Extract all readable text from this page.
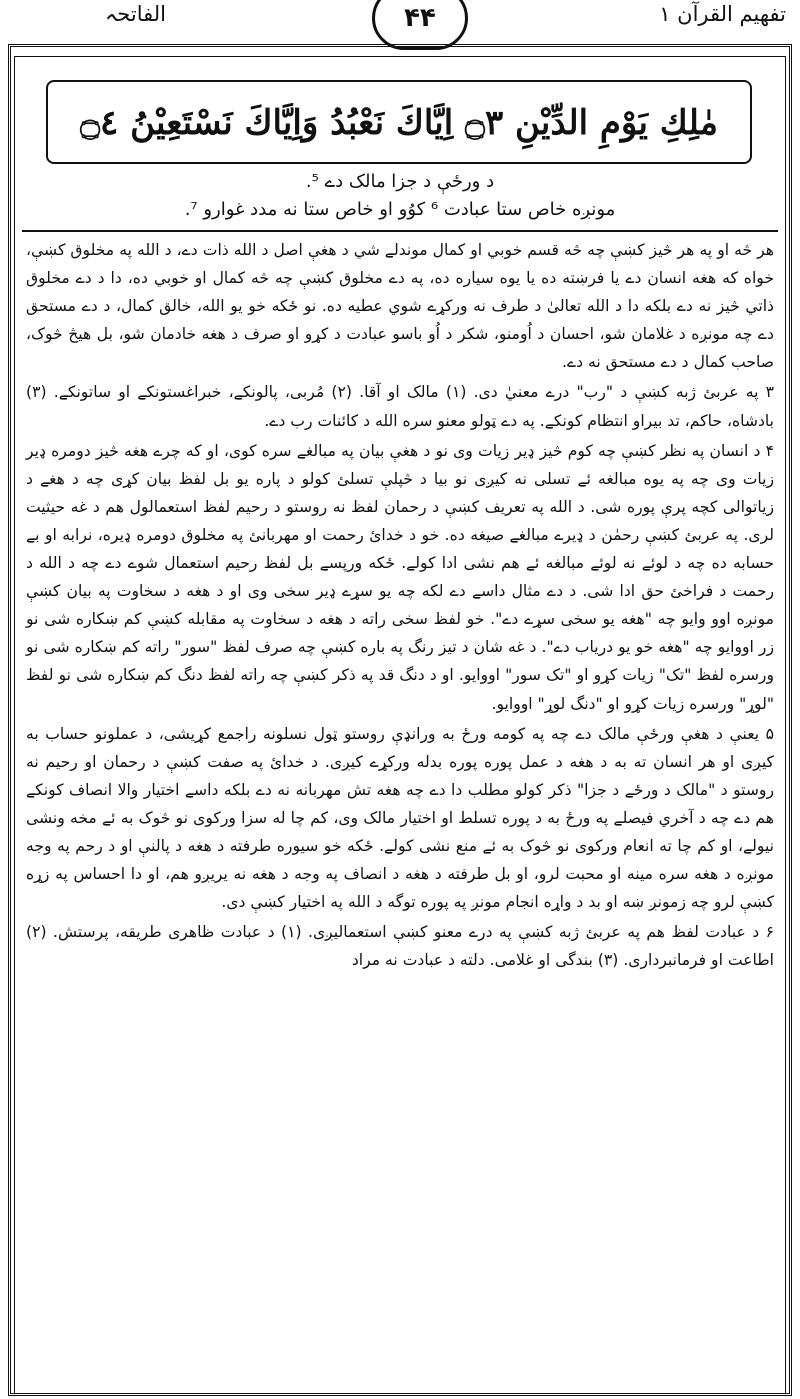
تفهیم القرآن ۱
۴۴
الفاتحہ
مٰلِكِ يَوْمِ الدِّيْنِ ۝٣ اِيَّاكَ نَعْبُدُ وَاِيَّاكَ نَسْتَعِيْنُ ۝٤
د ورځې د جزا مالک دے ⁵.
مونږه خاص ستا عبادت ⁶ کوُو او خاص ستا نه مدد غوارو ⁷.

هر څه او په هر څیز کښې چه څه قسم خوبي او کمال موندلے شي د هغې اصل د الله ذات دے، د الله په مخلوق کښې، خواه که هغه انسان دے یا فرښته ده یا یوه سیاره ده، په دے مخلوق کښې چه څه کمال او خوبي ده، دا د دے مخلوق ذاتي څیز نه دے بلکه دا د الله تعالیٰ د طرف نه ورکړے شوي عطیه ده. نو ځکه خو یو الله، خالق کمال، د دے مستحق دے چه مونږه د غلامان شو، احسان د اُومنو، شکر د اُو باسو عبادت د کړو او صرف د هغه خادمان شو، بل هیڅ څوک، صاحب کمال د دے مستحق نه دے.

۳ په عربئ ژبه کښې د "رب" درے معنيٰ دی. (۱) مالک او آقا. (۲) مُربی، پالونکے، خبراغستونکے او ساتونکے. (۳) بادشاه، حاکم، تد بیراو انتظام کونکے. په دے ټولو معنو سره الله د کائنات رب دے.

۴ د انسان په نظر کښې چه کوم څیز ډیر زیات وی نو د هغې بیان په مبالغے سره کوی، او که چرے هغه څیز دومره ډیر زیات وی چه په یوه مبالغه ئے تسلی نه کیږی نو بیا د څپلې تسلئ کولو د پاره یو بل لفظ بیان کړی چه د هغے د زیاتوالی کچه پرې پوره شی. د الله په تعریف کښې د رحمان لفظ نه روستو د رحیم لفظ استعمالول هم د غه حیثیت لری. په عربئ کښې رحمٰن د ډیرے مبالغے صیغه ده. خو د خدائ رحمت او مهربانئ په مخلوق دومره ډیره، نرابه او بے حسابه ده چه د لوئے نه لوئے مبالغه ئے هم نشی ادا کولے. ځکه ورپسے بل لفظ رحیم استعمال شوے دے چه د الله د رحمت د فراخئ حق ادا شی. د دے مثال داسے دے لکه چه یو سړے ډیر سخی وی او د هغه د سخاوت په بیان کښې مونږه اوو وایو چه "هغه یو سخی سړے دے". خو لفظ سخی راته د هغه د سخاوت په مقابله کښې کم ښکاره شی نو زر اووایو چه "هغه خو یو دریاب دے". د غه شان د تیز رنگ په باره کښې چه صرف لفظ "سور" راته کم ښکاره شی نو ورسره لفظ "تک" زیات کړو او "تک سور" اووایو. او د دنگ قد په ذکر کښې چه راته لفظ دنگ کم ښکاره شی نو لفظ "لوړ" ورسره زیات کړو او "دنگ لوړ" اووایو.

۵ یعنې د هغې ورځې مالک دے چه په کومه ورځ به ورانډې روستو ټول نسلونه راجمع کړیشی، د عملونو حساب به کیږی او هر انسان ته به د هغه د عمل پوره پوره بدله ورکړے کیږی. د خدائ په صفت کښې د رحمان او رحیم نه روستو د "مالک د ورځے د جزا" ذکر کولو مطلب دا دے چه هغه تش مهربانه نه دے بلکه داسے اختیار والا انصاف کونکے هم دے چه د آخري فیصلے په ورځ به د پوره تسلط او اختیار مالک وی، کم چا له سزا ورکوی نو څوک به ئے مخه ونشی نیولے، او کم چا ته انعام ورکوی نو څوک به ئے منع نشی کولے. ځکه خو سیوره طرفته د هغه د پالنې او د رحم په وجه مونږه د هغه سره مینه او محبت لرو، او بل طرفته د هغه د انصاف په وجه د هغه نه یریږو هم، او دا احساس په زړه کښې لرو چه زمونږ ښه او بد د واړه انجام مونږ په پوره توگه د الله په اختیار کښې دی.

۶ د عبادت لفظ هم په عربئ ژبه کښې په درے معنو کښې استعمالیږی. (۱) د عبادت ظاهری طریقه، پرستش. (۲) اطاعت او فرمانبرداری. (۳) بندگی او غلامی. دلته د عبادت نه مراد
